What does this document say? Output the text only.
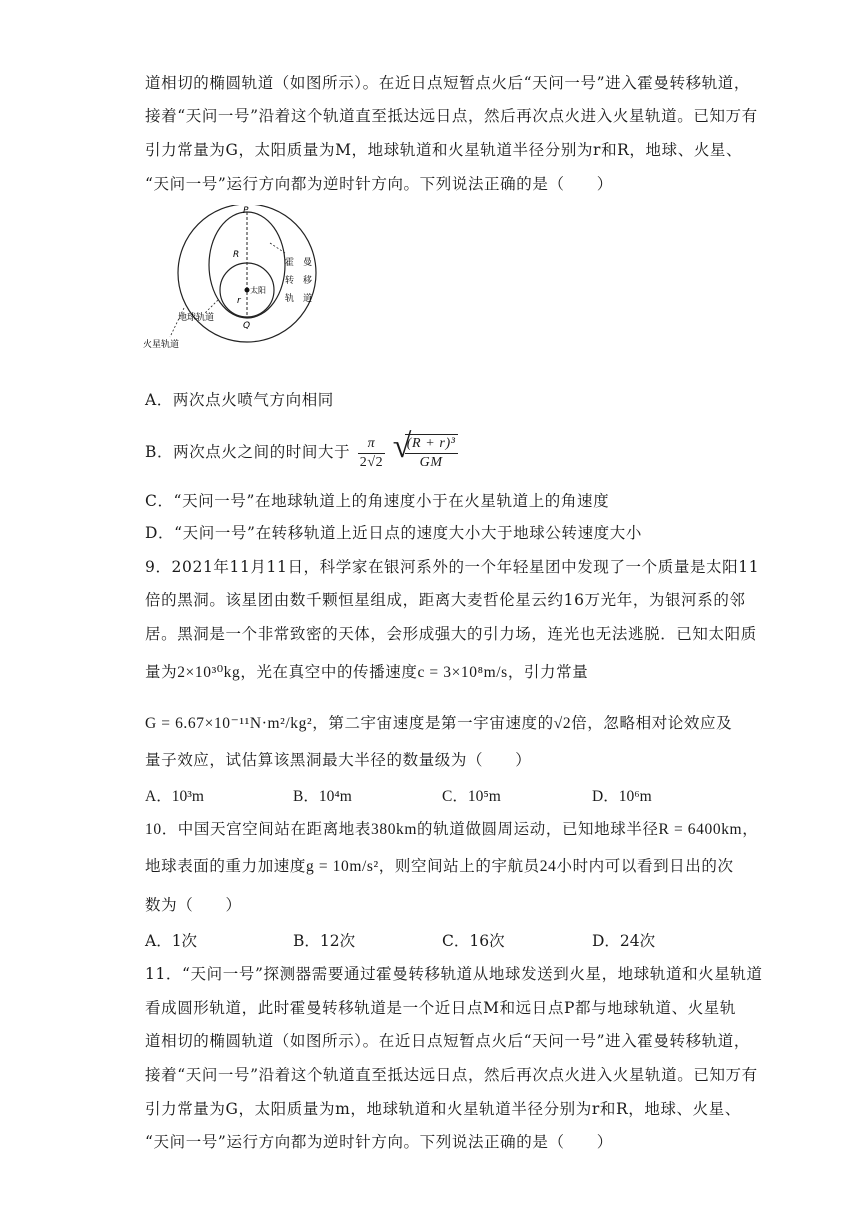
道相切的椭圆轨道（如图所示）。在近日点短暂点火后“天问一号”进入霍曼转移轨道，
接着“天问一号”沿着这个轨道直至抵达远日点，然后再次点火进入火星轨道。已知万有
引力常量为G，太阳质量为M，地球轨道和火星轨道半径分别为r和R，地球、火星、
“天问一号”运行方向都为逆时针方向。下列说法正确的是（　　）
P
R
r
太阳
Q
霍 曼
转 移
轨 道
地球轨道
火星轨道
A．两次点火喷气方向相同
B．两次点火之间的时间大于 $\frac{\pi}{2√2}$
√
$\frac{\text{(R + r)³}}{GM}$
C．“天问一号”在地球轨道上的角速度小于在火星轨道上的角速度
D．“天问一号”在转移轨道上近日点的速度大小大于地球公转速度大小
9．2021年11月11日，科学家在银河系外的一个年轻星团中发现了一个质量是太阳11
倍的黑洞。该星团由数千颗恒星组成，距离大麦哲伦星云约16万光年，为银河系的邻
居。黑洞是一个非常致密的天体，会形成强大的引力场，连光也无法逃脱．已知太阳质
量为2×10³⁰kg，光在真空中的传播速度c = 3×10⁸m/s，引力常量
G = 6.67×10⁻¹¹N·m²/kg²，第二宇宙速度是第一宇宙速度的√2倍，忽略相对论效应及
量子效应，试估算该黑洞最大半径的数量级为（　　）
A．10³m	B．10⁴m	C．10⁵m	D．10⁶m
10．中国天宫空间站在距离地表380km的轨道做圆周运动，已知地球半径R = 6400km，
地球表面的重力加速度g = 10m/s²，则空间站上的宇航员24小时内可以看到日出的次
数为（　　）
A．1次	B．12次	C．16次	D．24次
11．“天问一号”探测器需要通过霍曼转移轨道从地球发送到火星，地球轨道和火星轨道
看成圆形轨道，此时霍曼转移轨道是一个近日点M和远日点P都与地球轨道、火星轨
道相切的椭圆轨道（如图所示）。在近日点短暂点火后“天问一号”进入霍曼转移轨道，
接着“天问一号”沿着这个轨道直至抵达远日点，然后再次点火进入火星轨道。已知万有
引力常量为G，太阳质量为m，地球轨道和火星轨道半径分别为r和R，地球、火星、
“天问一号”运行方向都为逆时针方向。下列说法正确的是（　　）
